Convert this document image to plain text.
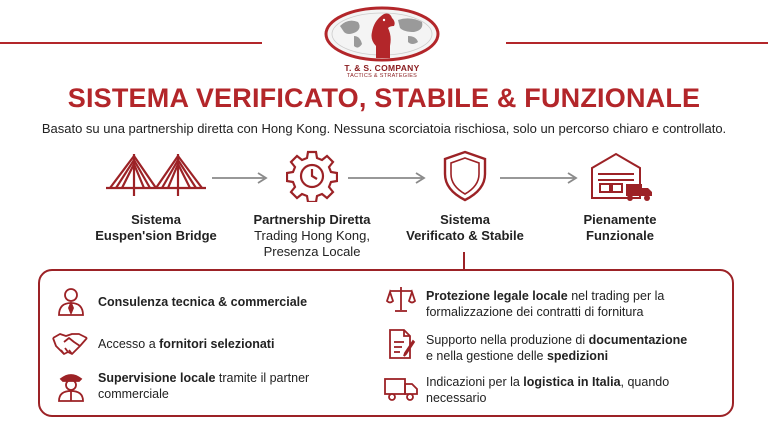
T. & S. COMPANY
TACTICS & STRATEGIES
SISTEMA VERIFICATO, STABILE & FUNZIONALE
Basato su una partnership diretta con Hong Kong. Nessuna scorciatoia rischiosa, solo un percorso chiaro e controllato.
Sistema
Euspen'sion Bridge
Partnership Diretta
Trading Hong Kong,
Presenza Locale
Sistema
Verificato & Stabile
Pienamente
Funzionale
Consulenza tecnica & commerciale
Accesso a fornitori selezionati
Supervisione locale tramite il partner
commerciale
Protezione legale locale nel trading per la
formalizzazione dei contratti di fornitura
Supporto nella produzione di documentazione
e nella gestione delle spedizioni
Indicazioni per la logistica in Italia, quando
necessario
